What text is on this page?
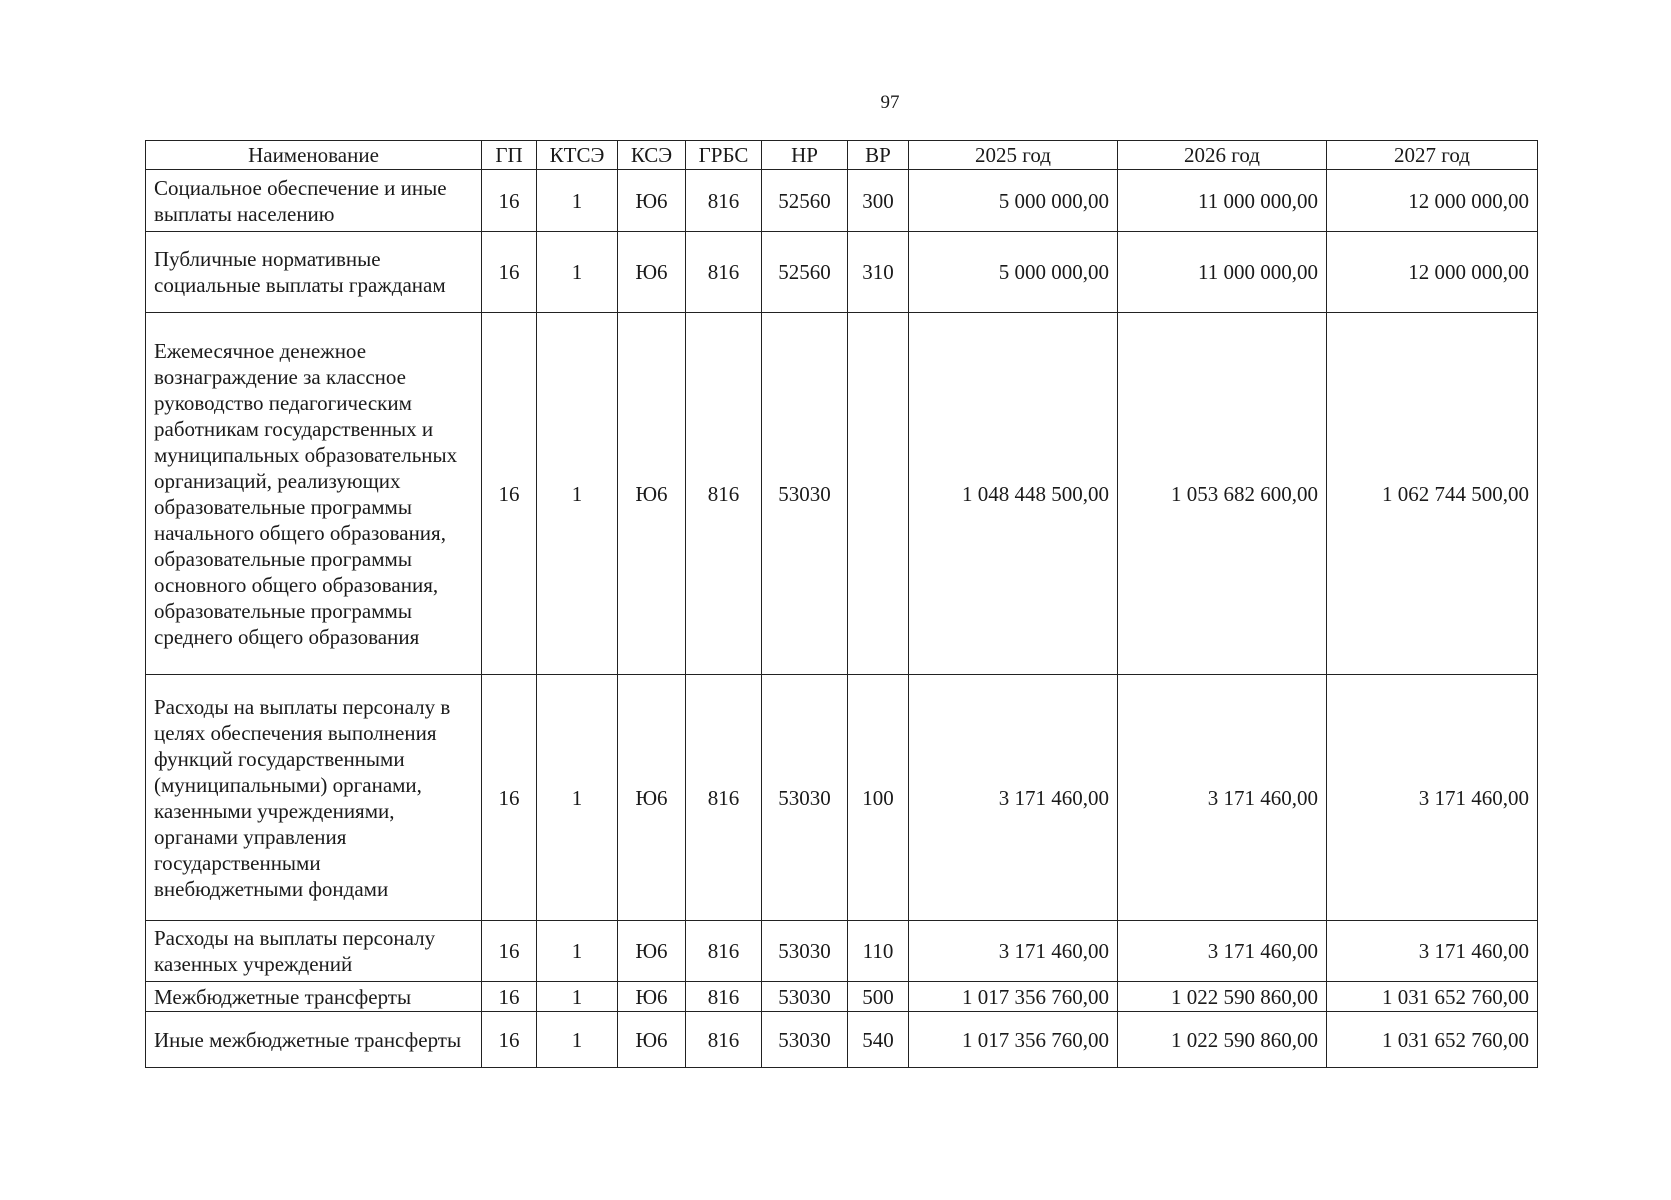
97
Наименование	ГП	КТСЭ	КСЭ	ГРБС	НР	ВР	2025 год	2026 год	2027 год
Социальное обеспечение и иные выплаты населению	16	1	Ю6	816	52560	300	5 000 000,00	11 000 000,00	12 000 000,00
Публичные нормативные социальные выплаты гражданам	16	1	Ю6	816	52560	310	5 000 000,00	11 000 000,00	12 000 000,00
Ежемесячное денежное вознаграждение за классное руководство педагогическим работникам государственных и муниципальных образовательных организаций, реализующих образовательные программы начального общего образования, образовательные программы основного общего образования, образовательные программы среднего общего образования	16	1	Ю6	816	53030		1 048 448 500,00	1 053 682 600,00	1 062 744 500,00
Расходы на выплаты персоналу в целях обеспечения выполнения функций государственными (муниципальными) органами, казенными учреждениями, органами управления государственными внебюджетными фондами	16	1	Ю6	816	53030	100	3 171 460,00	3 171 460,00	3 171 460,00
Расходы на выплаты персоналу казенных учреждений	16	1	Ю6	816	53030	110	3 171 460,00	3 171 460,00	3 171 460,00
Межбюджетные трансферты	16	1	Ю6	816	53030	500	1 017 356 760,00	1 022 590 860,00	1 031 652 760,00
Иные межбюджетные трансферты	16	1	Ю6	816	53030	540	1 017 356 760,00	1 022 590 860,00	1 031 652 760,00
